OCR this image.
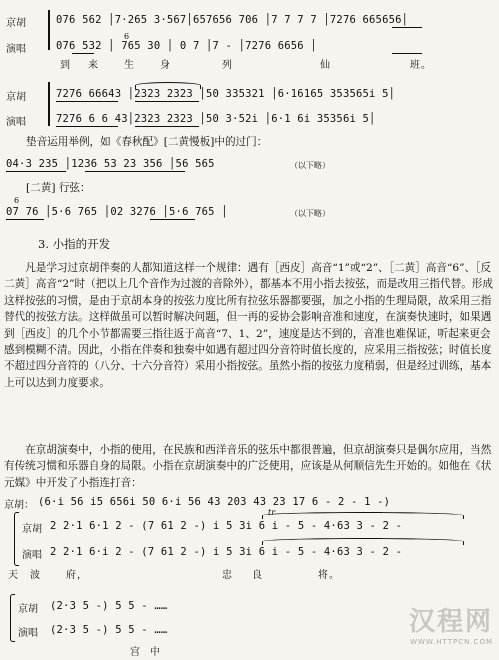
京胡
演唱
076 562 │7·265 3·567│657656 706 │7 7 7 7 │7276 665656│
6
076 532 │ 765 30 │ 0 7 │7 - │7276 6656 │
到 来	生	身	列	仙	班。
京胡
演唱
7276 66643 │2323 2323 │50 335321 │6·16165 353565i 5│
7276 6 6 43│2323 2323 │50 3·52i │6·1 6i 35356i 5│
垫音运用举例，如《春秋配》[二黄慢板]中的过门：
04·3 235 │1236 53 23 356 │56 565	（以下略）
[二黄] 行弦：
6
07 76 │5·6 765 │02 3276 │5·6 765 │	（以下略）
3. 小指的开发
凡是学习过京胡伴奏的人都知道这样一个规律：遇有［西皮］高音“1”或“2”、［二黄］高音“6”、［反二黄］高音“2”时（把以上几个音作为过渡的音除外），都基本不用小指去按弦，而是改用三指代替。形成这样按弦的习惯，是由于京胡本身的按弦力度比所有拉弦乐器都要强，加之小指的生理局限，故采用三指替代的按弦方法。这样做虽可以暂时解决问题，但一再的妥协会影响音准和速度，在演奏快速时，如果遇到［西皮］的几个小节都需要三指往返于高音“7、1、2”，速度是达不到的，音准也难保证，听起来更会感到模糊不清。因此，小指在伴奏和独奏中如遇有超过四分音符时值长度的，应采用三指按弦；时值长度不超过四分音符的（八分、十六分音符）采用小指按弦。虽然小指的按弦力度稍弱，但是经过训练，基本上可以达到力度要求。
在京胡演奏中，小指的使用，在民族和西洋音乐的弦乐中都很普遍，但京胡演奏只是偶尔应用，当然有传统习惯和乐器自身的局限。小指在京胡演奏中的广泛使用，应该是从何顺信先生开始的。如他在《状元媒》中开发了小指连打音：
京胡： (6·i 56 i5 656i 50 6·i 56 43 203 43 23 17 6 - 2 - 1 -)
京胡
演唱
tr
2 2·1 6·1 2 - (7 61 2 -) i 5 3i 6 i - 5 - 4·63 3 - 2 -
2 2·1 6·i 2 - (7 61 2 -) i 5 3i 6 i - 5 - 4·63 3 - 2 -
天 波	府，	忠 良	将。
京胡
演唱
(2·3 5 -) 5 5 - ……
(2·3 5 -) 5 5 - ……
宫 中
汉程网
WWW.HTTPCN.COM
